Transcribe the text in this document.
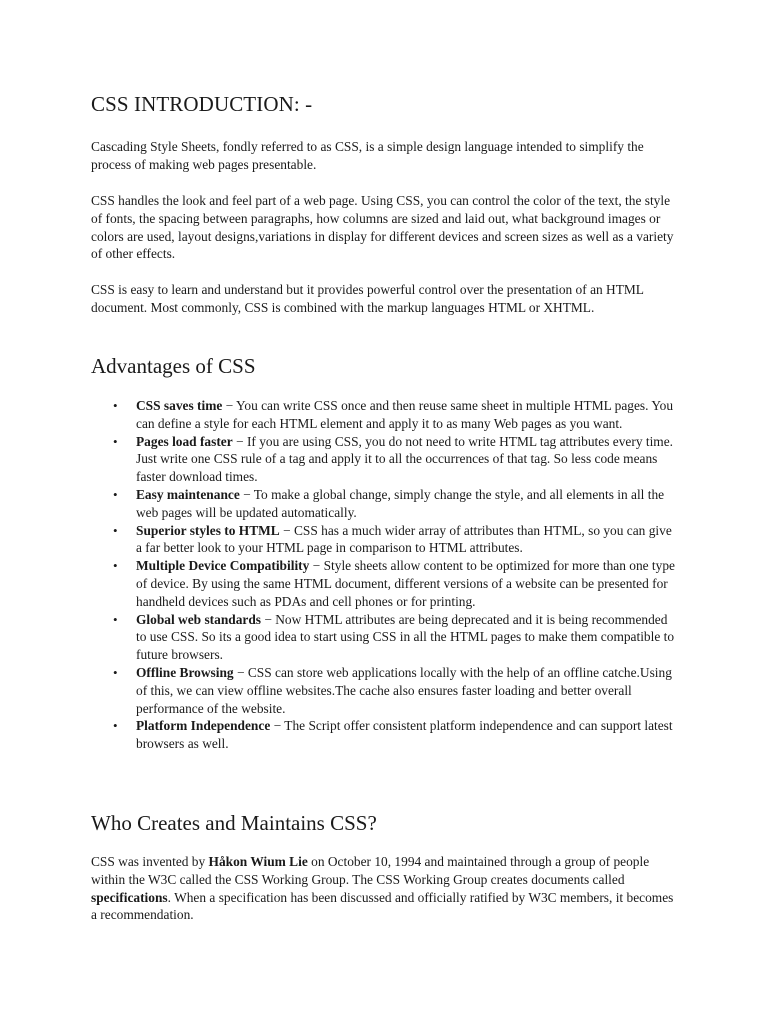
CSS INTRODUCTION: -

Cascading Style Sheets, fondly referred to as CSS, is a simple design language intended to simplify the process of making web pages presentable.

CSS handles the look and feel part of a web page. Using CSS, you can control the color of the text, the style of fonts, the spacing between paragraphs, how columns are sized and laid out, what background images or colors are used, layout designs,variations in display for different devices and screen sizes as well as a variety of other effects.

CSS is easy to learn and understand but it provides powerful control over the presentation of an HTML document. Most commonly, CSS is combined with the markup languages HTML or XHTML.

Advantages of CSS
• CSS saves time − You can write CSS once and then reuse same sheet in multiple HTML pages. You can define a style for each HTML element and apply it to as many Web pages as you want.
• Pages load faster − If you are using CSS, you do not need to write HTML tag attributes every time. Just write one CSS rule of a tag and apply it to all the occurrences of that tag. So less code means faster download times.
• Easy maintenance − To make a global change, simply change the style, and all elements in all the web pages will be updated automatically.
• Superior styles to HTML − CSS has a much wider array of attributes than HTML, so you can give a far better look to your HTML page in comparison to HTML attributes.
• Multiple Device Compatibility − Style sheets allow content to be optimized for more than one type of device. By using the same HTML document, different versions of a website can be presented for handheld devices such as PDAs and cell phones or for printing.
• Global web standards − Now HTML attributes are being deprecated and it is being recommended to use CSS. So its a good idea to start using CSS in all the HTML pages to make them compatible to future browsers.
• Offline Browsing − CSS can store web applications locally with the help of an offline catche.Using of this, we can view offline websites.The cache also ensures faster loading and better overall performance of the website.
• Platform Independence − The Script offer consistent platform independence and can support latest browsers as well.
Who Creates and Maintains CSS?

CSS was invented by Håkon Wium Lie on October 10, 1994 and maintained through a group of people within the W3C called the CSS Working Group. The CSS Working Group creates documents called specifications. When a specification has been discussed and officially ratified by W3C members, it becomes a recommendation.
